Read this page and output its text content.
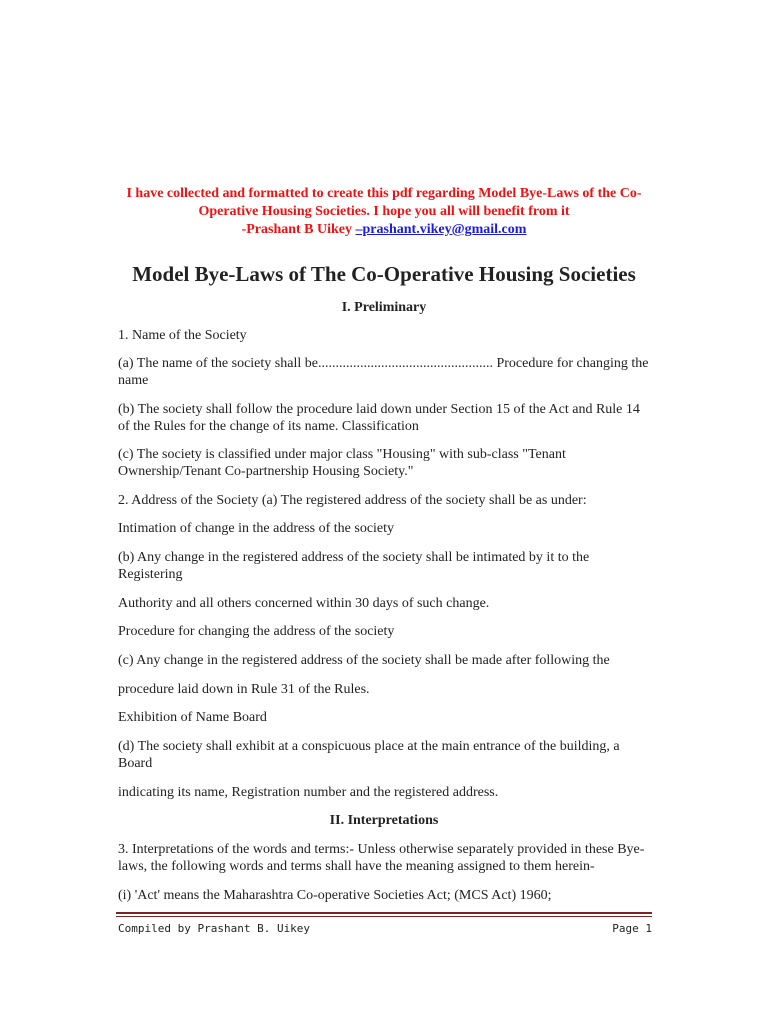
I have collected and formatted to create this pdf regarding Model Bye-Laws of the Co-
Operative Housing Societies. I hope you all will benefit from it
-Prashant B Uikey –prashant.vikey@gmail.com
Model Bye-Laws of The Co-Operative Housing Societies
I. Preliminary
1. Name of the Society
(a) The name of the society shall be.................................................. Procedure for changing the name
(b) The society shall follow the procedure laid down under Section 15 of the Act and Rule 14 of the Rules for the change of its name. Classification
(c) The society is classified under major class "Housing" with sub-class "Tenant Ownership/Tenant Co-partnership Housing Society."
2. Address of the Society (a) The registered address of the society shall be as under:
Intimation of change in the address of the society
(b) Any change in the registered address of the society shall be intimated by it to the Registering
Authority and all others concerned within 30 days of such change.
Procedure for changing the address of the society
(c) Any change in the registered address of the society shall be made after following the
procedure laid down in Rule 31 of the Rules.
Exhibition of Name Board
(d) The society shall exhibit at a conspicuous place at the main entrance of the building, a Board
indicating its name, Registration number and the registered address.
II. Interpretations
3. Interpretations of the words and terms:- Unless otherwise separately provided in these Bye-laws, the following words and terms shall have the meaning assigned to them herein-
(i) 'Act' means the Maharashtra Co-operative Societies Act; (MCS Act) 1960;
Compiled by Prashant B. Uikey	Page 1
